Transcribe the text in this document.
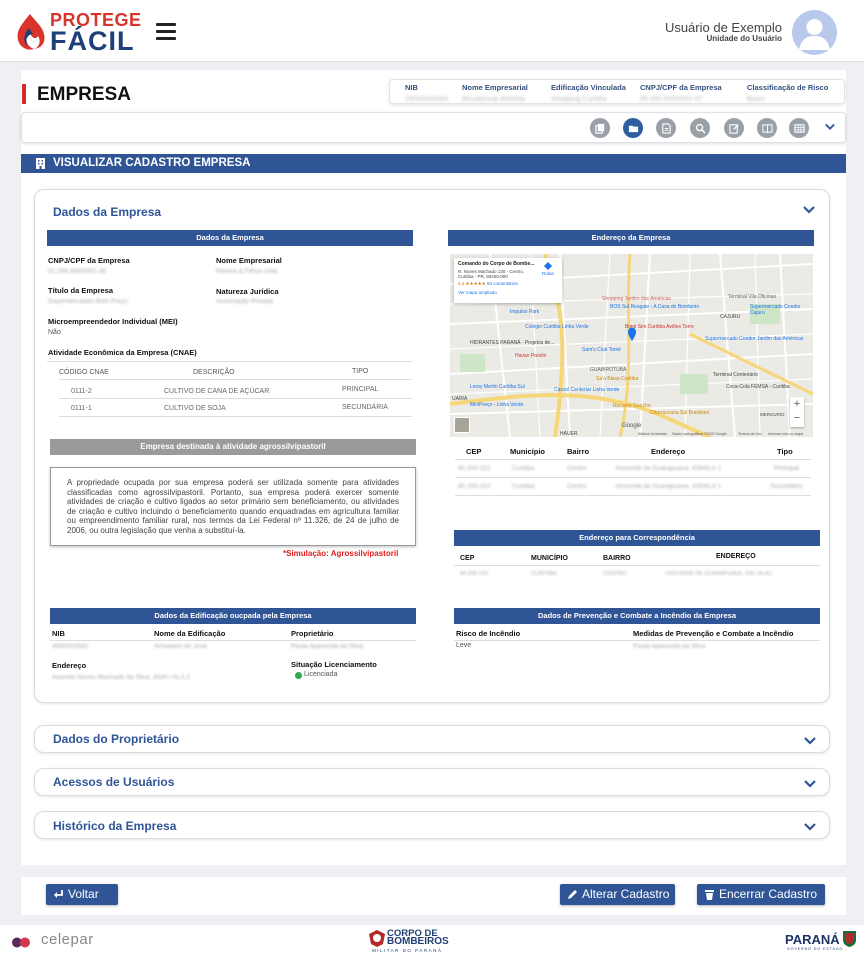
PROTEGE
FÁCIL	Usuário de Exemplo
Unidade do Usuário
EMPRESA	NIB
23030043343
Nome Empresarial
Residencial Almeida
Edificação Vinculada
Shopping Curitiba
CNPJ/CPF da Empresa
00.000.000/0001-07
Classificação de Risco
Baixo
VISUALIZAR CADASTRO EMPRESA
Dados da Empresa
Dados da Empresa
CNPJ/CPF da Empresa
01.286.458/0001-45
Nome Empresarial
Pereira & Filhos Ltda.
Título da Empresa
Supermercados Bom Preço
Natureza Jurídica
Associação Privada
Microempreendedor Individual (MEI)
Não
Atividade Econômica da Empresa (CNAE)
CÓDIGO CNAE	DESCRIÇÃO	TIPO
0111-2	CULTIVO DE CANA DE AÇÚCAR	PRINCIPAL
0111-1	CULTIVO DE SOJA	SECUNDÁRIA
Empresa destinada à atividade agrossilvipastoril
A propriedade ocupada por sua empresa poderá ser utilizada somente para atividades classificadas como agrossilvipastoril. Portanto, sua empresa poderá exercer somente atividades de criação e cultivo ligados ao setor primário sem beneficiamento, ou atividades de criação e cultivo incluindo o beneficiamento quando enquadradas em agricultura familiar ou empreendimento familiar rural, nos termos da Lei Federal nº 11.326, de 24 de julho de 2006, ou outra legislação que venha a substituí-la.
*Simulação: Agrossilvipastoril
Endereço da Empresa
Shopping Jardim das Américas	Terminal Vila Oficinas
Supermercado Condor Cajuru
CAJURU
Impulso Park
BOS Sul Resgate - A Casa do Bombeiro
Bimé Sim Curitiba Aviões Torre
Colégio Curitiba Linha Verde
HIDRANTES PARANÁ - Projetos de...
Havan Parolin
Sam's Club Tomé
Supermercado Condor Jardim das Américas
GUABIROTUBA
Terminal Centenário
Sa'a Blasa Curitiba
Leroy Merlin Curitiba Sul	Cassol Centerlar Linha Verde	Coca-Cola FEMSA - Curitiba
MiniPreço - Linha Verde	Recanto Gaúcho
Churrascaria Sul Brasileiro
UAÍRA
HAUER
MERCURIO
Google
Atalhos do teclado Dados cartográficos ©2020 Google	Termos de Uso Informar erro no mapa
+
−
Comando do Corpo de Bombe...
R. Nunes Machado 130 - Centro, Curitiba - PR, 80250-000
4,4 ★★★★★ 63 comentários
Ver mapa ampliado
Rotas
CEP	Município	Bairro	Endereço	Tipo
80.200-110	Curitiba	Centro	Visconde de Guarapuava, 4384/LA 1	Principal
80.200-110	Curitiba	Centro	Visconde de Guarapuava, 4384/LA 1	Secundário
Endereço para Correspondência
CEP	MUNICÍPIO	BAIRRO	ENDEREÇO
80.200-100	CURITIBA	CENTRO	VISCONDE DE GUARAPUAVA, 430 / ALA1
Dados da Edificação oucpada pela Empresa
NIB	Nome da Edificação	Proprietário
4990001582	Armadem do José	Paula Aparecida da Silva
Endereço
Avenida Nunes Machado da Silva, 4330 / ALA 2
Situação Licenciamento
Licenciada
Dados de Prevenção e Combate a Incêndio da Empresa
Risco de Incêndio	Medidas de Prevenção e Combate a Incêndio
Leve	Paula Aparecida da Silva
Dados do Proprietário
Acessos de Usuários
Histórico da Empresa
Voltar	Alterar Cadastro	Encerrar Cadastro
celepar	CORPO DE
BOMBEIROS
MILITAR DO PARANÁ
PARANÁ
GOVERNO DO ESTADO
